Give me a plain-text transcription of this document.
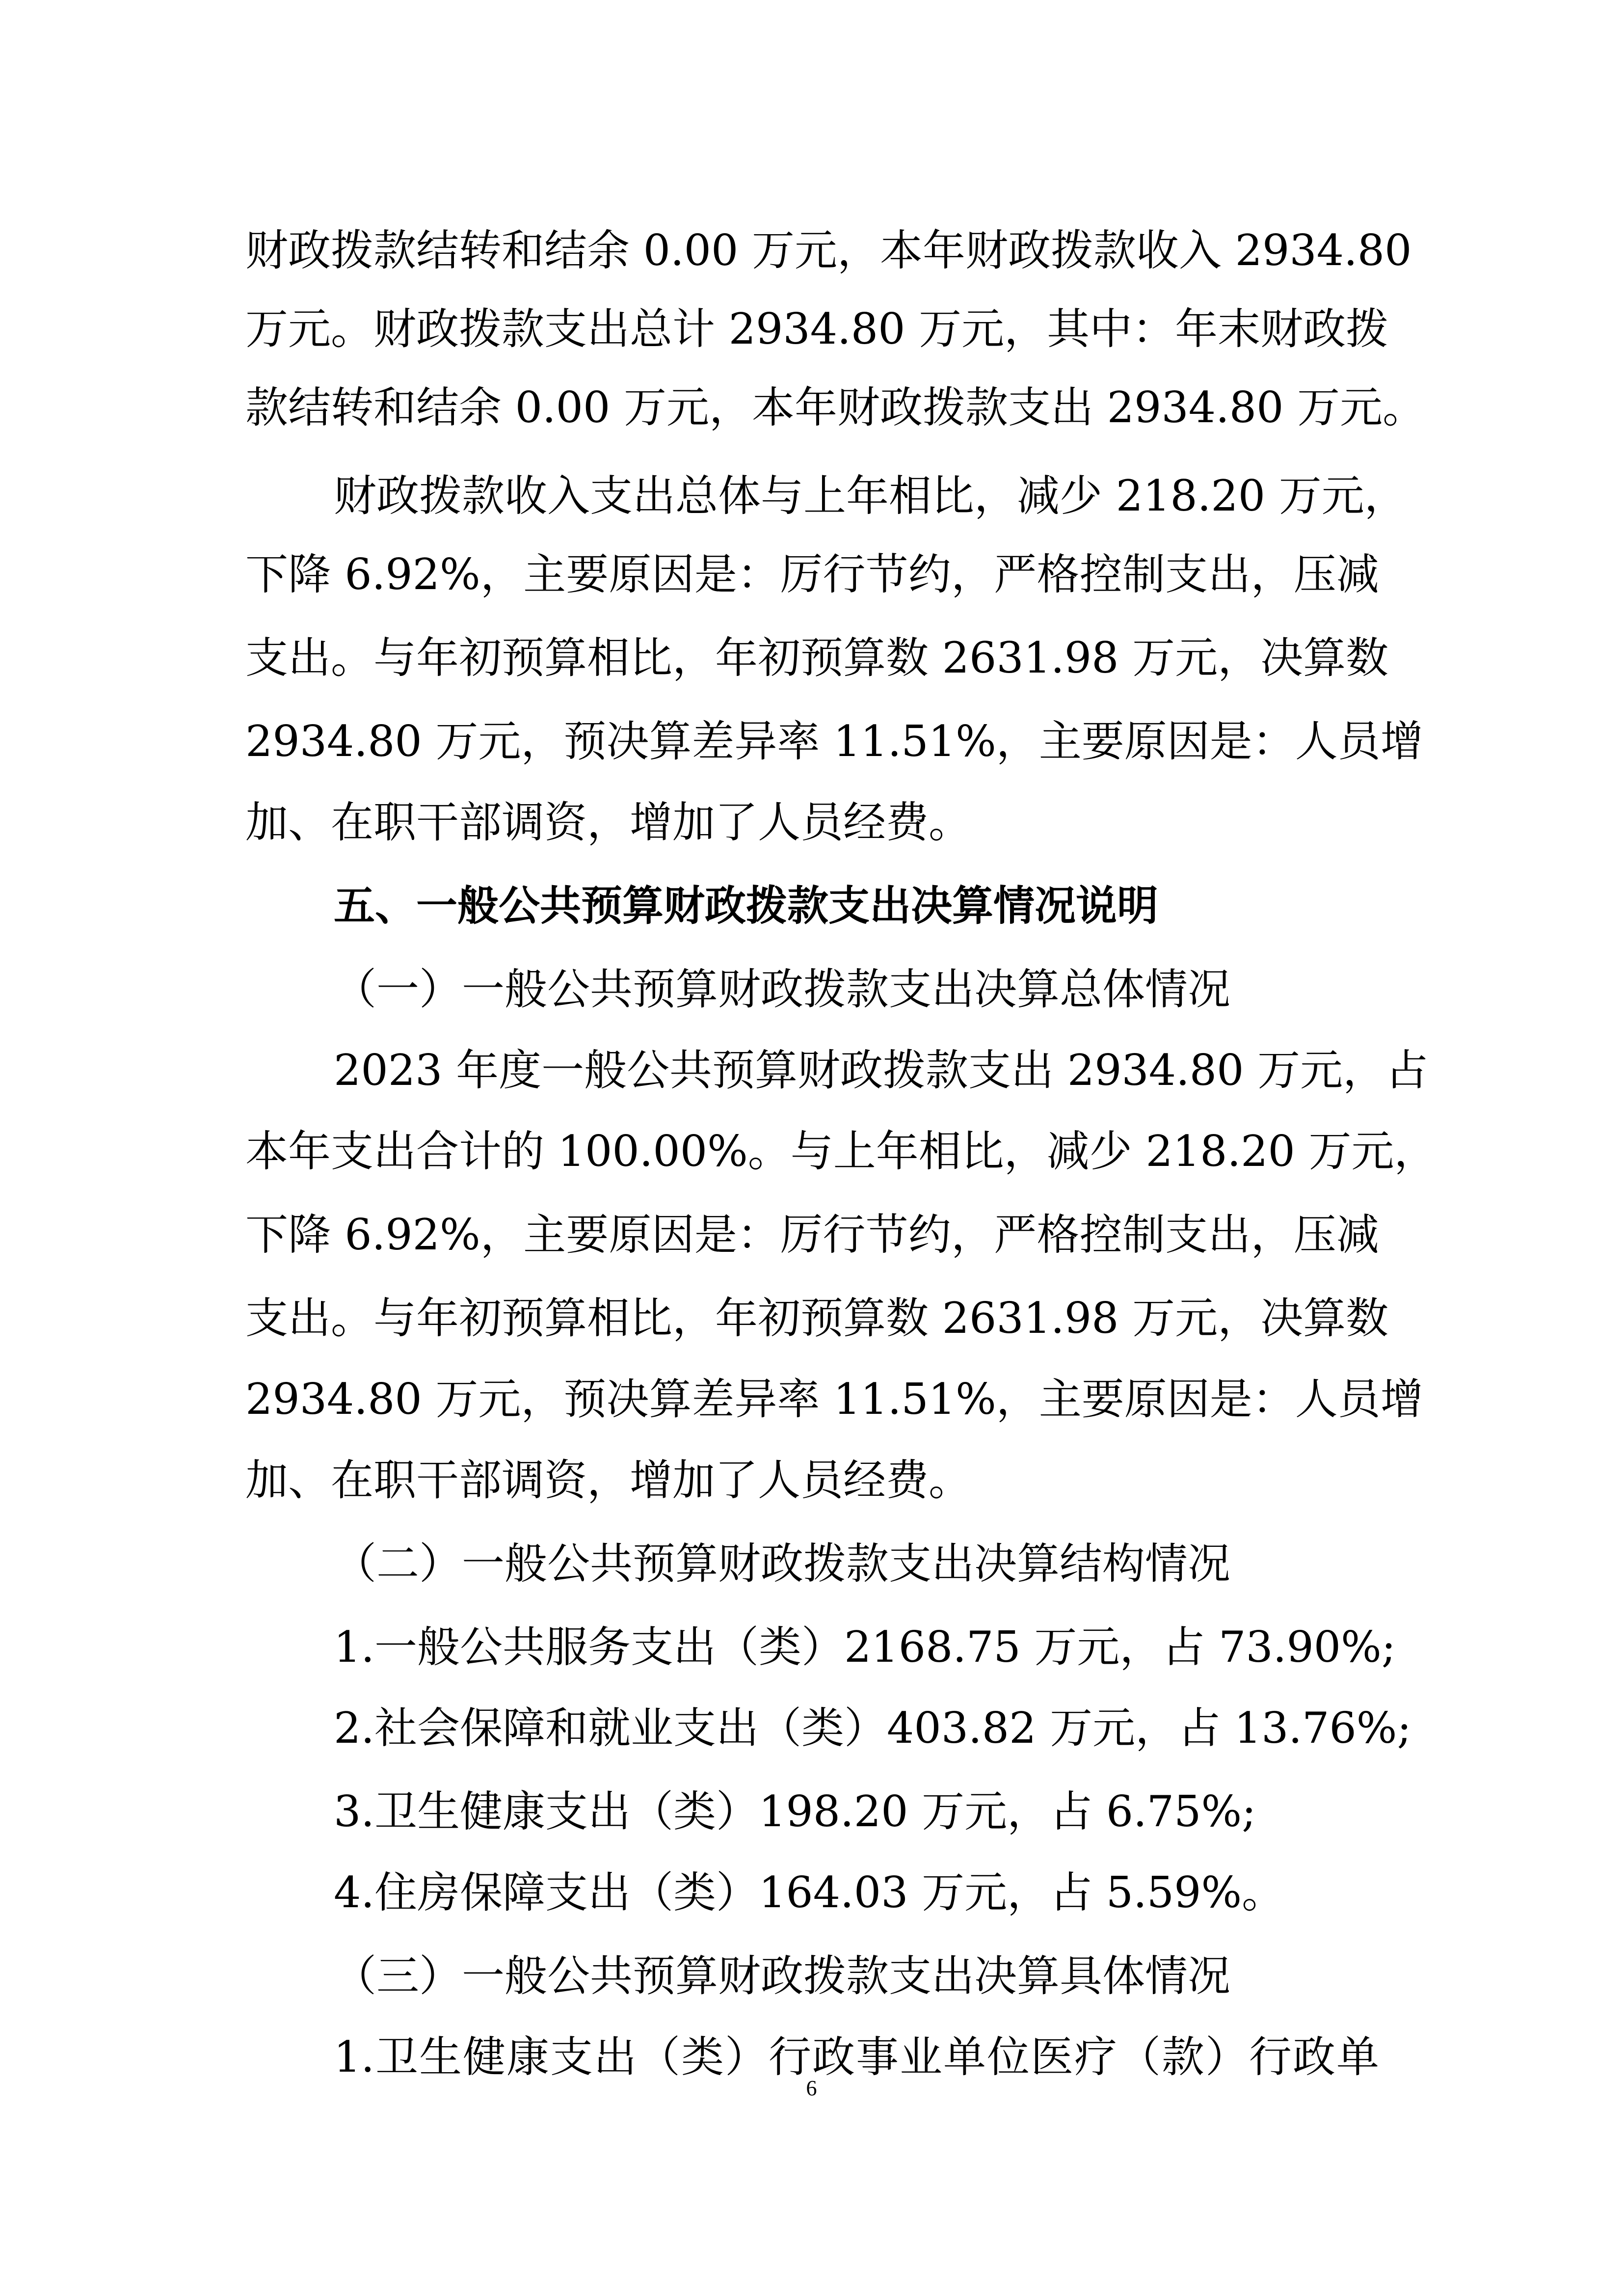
财政拨款结转和结余 0.00 万元，本年财政拨款收入 2934.80
万元。财政拨款支出总计 2934.80 万元，其中：年末财政拨
款结转和结余 0.00 万元，本年财政拨款支出 2934.80 万元。
财政拨款收入支出总体与上年相比，减少 218.20 万元，
下降 6.92%，主要原因是：厉行节约，严格控制支出，压减
支出。与年初预算相比，年初预算数 2631.98 万元，决算数
2934.80 万元，预决算差异率 11.51%，主要原因是：人员增
加、在职干部调资，增加了人员经费。
五、一般公共预算财政拨款支出决算情况说明
（一）一般公共预算财政拨款支出决算总体情况
2023 年度一般公共预算财政拨款支出 2934.80 万元，占
本年支出合计的 100.00%。与上年相比，减少 218.20 万元，
下降 6.92%，主要原因是：厉行节约，严格控制支出，压减
支出。与年初预算相比，年初预算数 2631.98 万元，决算数
2934.80 万元，预决算差异率 11.51%，主要原因是：人员增
加、在职干部调资，增加了人员经费。
（二）一般公共预算财政拨款支出决算结构情况
1.一般公共服务支出（类）2168.75 万元，占 73.90%;
2.社会保障和就业支出（类）403.82 万元，占 13.76%;
3.卫生健康支出（类）198.20 万元，占 6.75%;
4.住房保障支出（类）164.03 万元，占 5.59%。
（三）一般公共预算财政拨款支出决算具体情况
1.卫生健康支出（类）行政事业单位医疗（款）行政单
6
